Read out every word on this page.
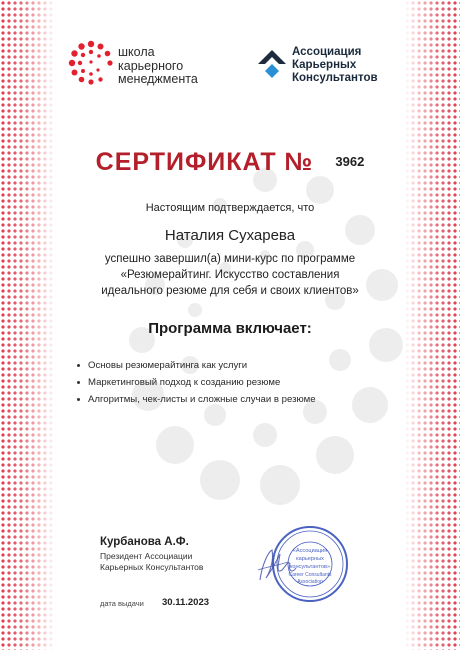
школа
карьерного
менеджмента
Ассоциация
Карьерных
Консультантов
СЕРТИФИКАТ № 3962
Настоящим подтверждается, что
Наталия Сухарева
успешно завершил(а) мини-курс по программе
«Резюмерайтинг. Искусство составления
идеального резюме для себя и своих клиентов»
Программа включает:
Основы резюмерайтинга как услуги
Маркетинговый подход к созданию резюме
Алгоритмы, чек-листы и сложные случаи в резюме
Курбанова А.Ф.
Президент Ассоциации
Карьерных Консультантов
дата выдачи 30.11.2023
«Ассоциация
карьерных
консультантов»
Career Consultants
Association
